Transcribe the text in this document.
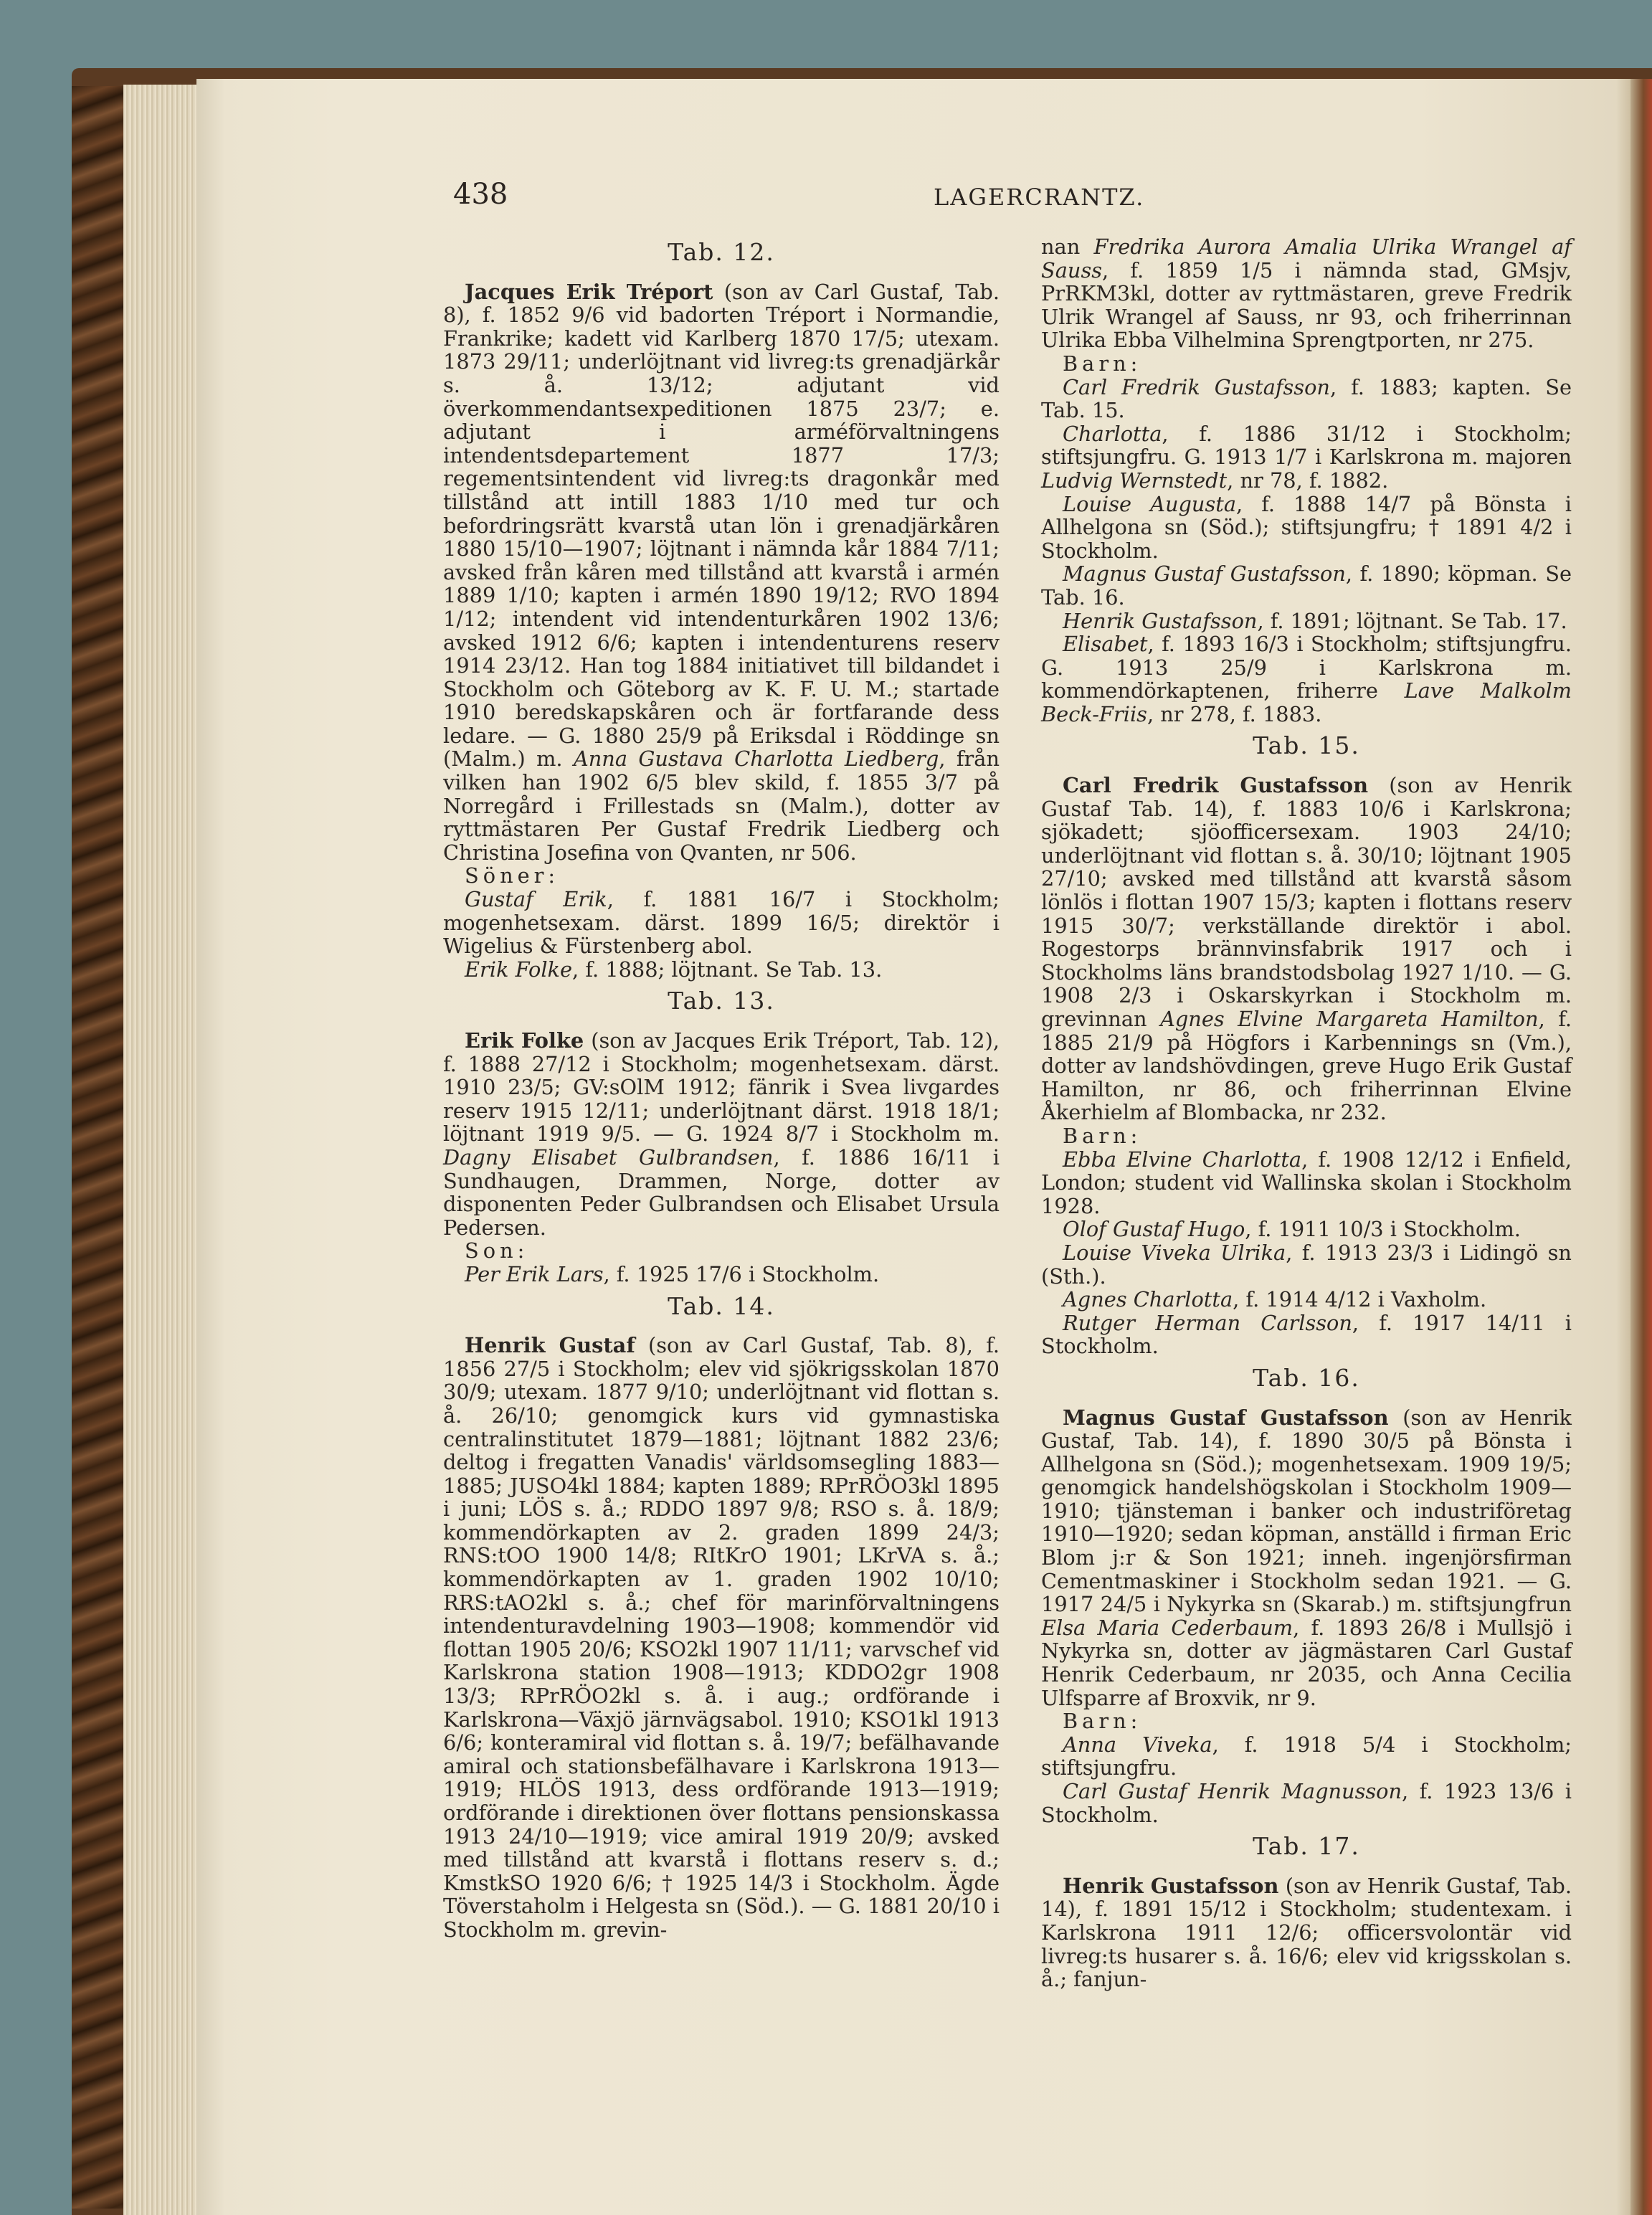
438	LAGERCRANTZ.
Tab. 12.

Jacques Erik Tréport (son av Carl Gustaf, Tab. 8), f. 1852 9/6 vid badorten Tréport i Normandie, Frankrike; kadett vid Karlberg 1870 17/5; utexam. 1873 29/11; underlöjtnant vid livreg:ts grenadjärkår s. å. 13/12; adjutant vid överkommendantsexpeditionen 1875 23/7; e. adjutant i arméförvaltningens intendentsdepartement 1877 17/3; regementsintendent vid livreg:ts dragonkår med tillstånd att intill 1883 1/10 med tur och befordringsrätt kvarstå utan lön i grenadjärkåren 1880 15/10—1907; löjtnant i nämnda kår 1884 7/11; avsked från kåren med tillstånd att kvarstå i armén 1889 1/10; kapten i armén 1890 19/12; RVO 1894 1/12; intendent vid intendenturkåren 1902 13/6; avsked 1912 6/6; kapten i intendenturens reserv 1914 23/12. Han tog 1884 initiativet till bildandet i Stockholm och Göteborg av K. F. U. M.; startade 1910 beredskapskåren och är fortfarande dess ledare. — G. 1880 25/9 på Eriksdal i Röddinge sn (Malm.) m. Anna Gustava Charlotta Liedberg, från vilken han 1902 6/5 blev skild, f. 1855 3/7 på Norregård i Frillestads sn (Malm.), dotter av ryttmästaren Per Gustaf Fredrik Liedberg och Christina Josefina von Qvanten, nr 506.

Söner:

Gustaf Erik, f. 1881 16/7 i Stockholm; mogenhetsexam. därst. 1899 16/5; direktör i Wigelius & Fürstenberg abol.

Erik Folke, f. 1888; löjtnant. Se Tab. 13.

Tab. 13.

Erik Folke (son av Jacques Erik Tréport, Tab. 12), f. 1888 27/12 i Stockholm; mogenhetsexam. därst. 1910 23/5; GV:sOlM 1912; fänrik i Svea livgardes reserv 1915 12/11; underlöjtnant därst. 1918 18/1; löjtnant 1919 9/5. — G. 1924 8/7 i Stockholm m. Dagny Elisabet Gulbrandsen, f. 1886 16/11 i Sundhaugen, Drammen, Norge, dotter av disponenten Peder Gulbrandsen och Elisabet Ursula Pedersen.

Son:

Per Erik Lars, f. 1925 17/6 i Stockholm.

Tab. 14.

Henrik Gustaf (son av Carl Gustaf, Tab. 8), f. 1856 27/5 i Stockholm; elev vid sjökrigsskolan 1870 30/9; utexam. 1877 9/10; underlöjtnant vid flottan s. å. 26/10; genomgick kurs vid gymnastiska centralinstitutet 1879—1881; löjtnant 1882 23/6; deltog i fregatten Vanadis' världsomsegling 1883—1885; JUSO4kl 1884; kapten 1889; RPrRÖO3kl 1895 i juni; LÖS s. å.; RDDO 1897 9/8; RSO s. å. 18/9; kommendörkapten av 2. graden 1899 24/3; RNS:tOO 1900 14/8; RItKrO 1901; LKrVA s. å.; kommendörkapten av 1. graden 1902 10/10; RRS:tAO2kl s. å.; chef för marinförvaltningens intendenturavdelning 1903—1908; kommendör vid flottan 1905 20/6; KSO2kl 1907 11/11; varvschef vid Karlskrona station 1908—1913; KDDO2gr 1908 13/3; RPrRÖO2kl s. å. i aug.; ordförande i Karlskrona—Växjö järnvägsabol. 1910; KSO1kl 1913 6/6; konteramiral vid flottan s. å. 19/7; befälhavande amiral och stationsbefälhavare i Karlskrona 1913—1919; HLÖS 1913, dess ordförande 1913—1919; ordförande i direktionen över flottans pensionskassa 1913 24/10—1919; vice amiral 1919 20/9; avsked med tillstånd att kvarstå i flottans reserv s. d.; KmstkSO 1920 6/6; † 1925 14/3 i Stockholm. Ägde Töverstaholm i Helgesta sn (Söd.). — G. 1881 20/10 i Stockholm m. grevin-

nan Fredrika Aurora Amalia Ulrika Wrangel af Sauss, f. 1859 1/5 i nämnda stad, GMsjv, PrRKM3kl, dotter av ryttmästaren, greve Fredrik Ulrik Wrangel af Sauss, nr 93, och friherrinnan Ulrika Ebba Vilhelmina Sprengtporten, nr 275.

Barn:

Carl Fredrik Gustafsson, f. 1883; kapten. Se Tab. 15.

Charlotta, f. 1886 31/12 i Stockholm; stiftsjungfru. G. 1913 1/7 i Karlskrona m. majoren Ludvig Wernstedt, nr 78, f. 1882.

Louise Augusta, f. 1888 14/7 på Bönsta i Allhelgona sn (Söd.); stiftsjungfru; † 1891 4/2 i Stockholm.

Magnus Gustaf Gustafsson, f. 1890; köpman. Se Tab. 16.

Henrik Gustafsson, f. 1891; löjtnant. Se Tab. 17.

Elisabet, f. 1893 16/3 i Stockholm; stiftsjungfru. G. 1913 25/9 i Karlskrona m. kommendörkaptenen, friherre Lave Malkolm Beck-Friis, nr 278, f. 1883.

Tab. 15.

Carl Fredrik Gustafsson (son av Henrik Gustaf Tab. 14), f. 1883 10/6 i Karlskrona; sjökadett; sjöofficersexam. 1903 24/10; underlöjtnant vid flottan s. å. 30/10; löjtnant 1905 27/10; avsked med tillstånd att kvarstå såsom lönlös i flottan 1907 15/3; kapten i flottans reserv 1915 30/7; verkställande direktör i abol. Rogestorps brännvinsfabrik 1917 och i Stockholms läns brandstodsbolag 1927 1/10. — G. 1908 2/3 i Oskarskyrkan i Stockholm m. grevinnan Agnes Elvine Margareta Hamilton, f. 1885 21/9 på Högfors i Karbennings sn (Vm.), dotter av landshövdingen, greve Hugo Erik Gustaf Hamilton, nr 86, och friherrinnan Elvine Åkerhielm af Blombacka, nr 232.

Barn:

Ebba Elvine Charlotta, f. 1908 12/12 i Enfield, London; student vid Wallinska skolan i Stockholm 1928.

Olof Gustaf Hugo, f. 1911 10/3 i Stockholm.

Louise Viveka Ulrika, f. 1913 23/3 i Lidingö sn (Sth.).

Agnes Charlotta, f. 1914 4/12 i Vaxholm.

Rutger Herman Carlsson, f. 1917 14/11 i Stockholm.

Tab. 16.

Magnus Gustaf Gustafsson (son av Henrik Gustaf, Tab. 14), f. 1890 30/5 på Bönsta i Allhelgona sn (Söd.); mogenhetsexam. 1909 19/5; genomgick handelshögskolan i Stockholm 1909—1910; tjänsteman i banker och industriföretag 1910—1920; sedan köpman, anställd i firman Eric Blom j:r & Son 1921; inneh. ingenjörsfirman Cementmaskiner i Stockholm sedan 1921. — G. 1917 24/5 i Nykyrka sn (Skarab.) m. stiftsjungfrun Elsa Maria Cederbaum, f. 1893 26/8 i Mullsjö i Nykyrka sn, dotter av jägmästaren Carl Gustaf Henrik Cederbaum, nr 2035, och Anna Cecilia Ulfsparre af Broxvik, nr 9.

Barn:

Anna Viveka, f. 1918 5/4 i Stockholm; stiftsjungfru.

Carl Gustaf Henrik Magnusson, f. 1923 13/6 i Stockholm.

Tab. 17.

Henrik Gustafsson (son av Henrik Gustaf, Tab. 14), f. 1891 15/12 i Stockholm; studentexam. i Karlskrona 1911 12/6; officersvolontär vid livreg:ts husarer s. å. 16/6; elev vid krigsskolan s. å.; fanjun-
